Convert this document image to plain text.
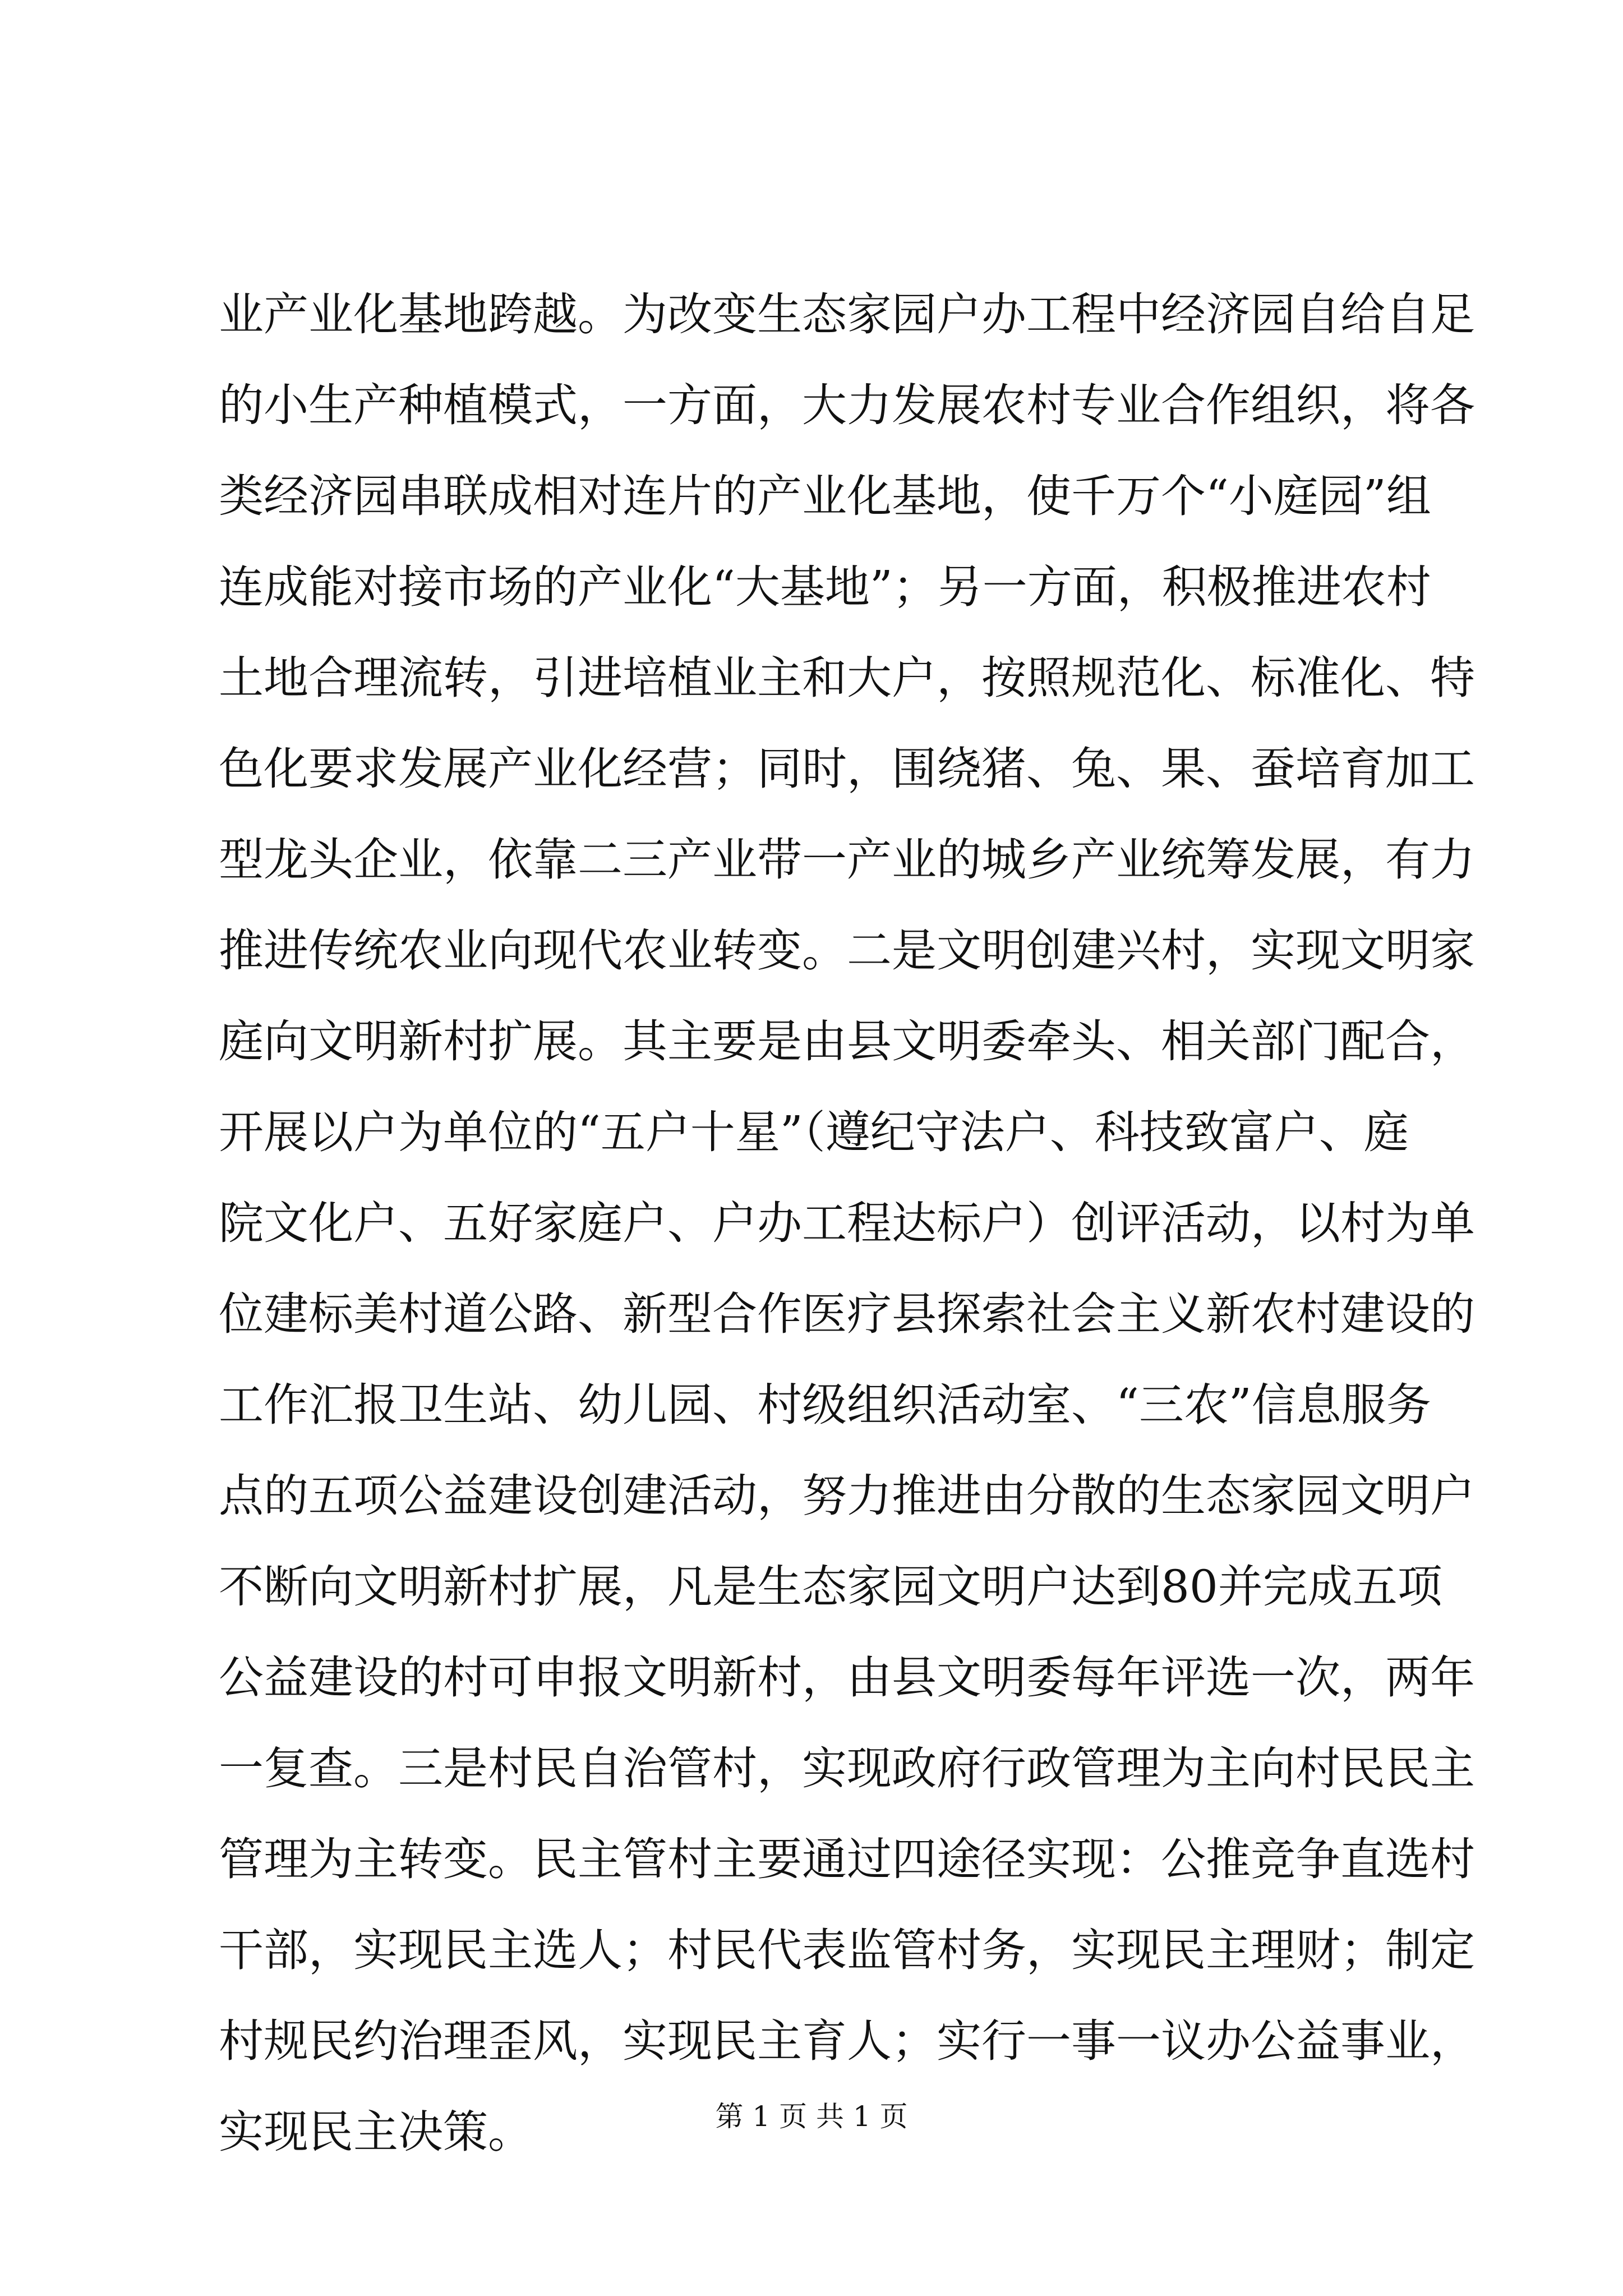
业产业化基地跨越。为改变生态家园户办工程中经济园自给自足
的小生产种植模式，一方面，大力发展农村专业合作组织，将各
类经济园串联成相对连片的产业化基地，使千万个“小庭园”组
连成能对接市场的产业化“大基地”；另一方面，积极推进农村
土地合理流转，引进培植业主和大户，按照规范化、标准化、特
色化要求发展产业化经营；同时，围绕猪、兔、果、蚕培育加工
型龙头企业，依靠二三产业带一产业的城乡产业统筹发展，有力
推进传统农业向现代农业转变。二是文明创建兴村，实现文明家
庭向文明新村扩展。其主要是由县文明委牵头、相关部门配合，
开展以户为单位的“五户十星”（遵纪守法户、科技致富户、庭
院文化户、五好家庭户、户办工程达标户）创评活动，以村为单
位建标美村道公路、新型合作医疗县探索社会主义新农村建设的
工作汇报卫生站、幼儿园、村级组织活动室、“三农”信息服务
点的五项公益建设创建活动，努力推进由分散的生态家园文明户
不断向文明新村扩展，凡是生态家园文明户达到80并完成五项
公益建设的村可申报文明新村，由县文明委每年评选一次，两年
一复查。三是村民自治管村，实现政府行政管理为主向村民民主
管理为主转变。民主管村主要通过四途径实现：公推竞争直选村
干部，实现民主选人；村民代表监管村务，实现民主理财；制定
村规民约治理歪风，实现民主育人；实行一事一议办公益事业，
实现民主决策。	第 1 页 共 1 页
